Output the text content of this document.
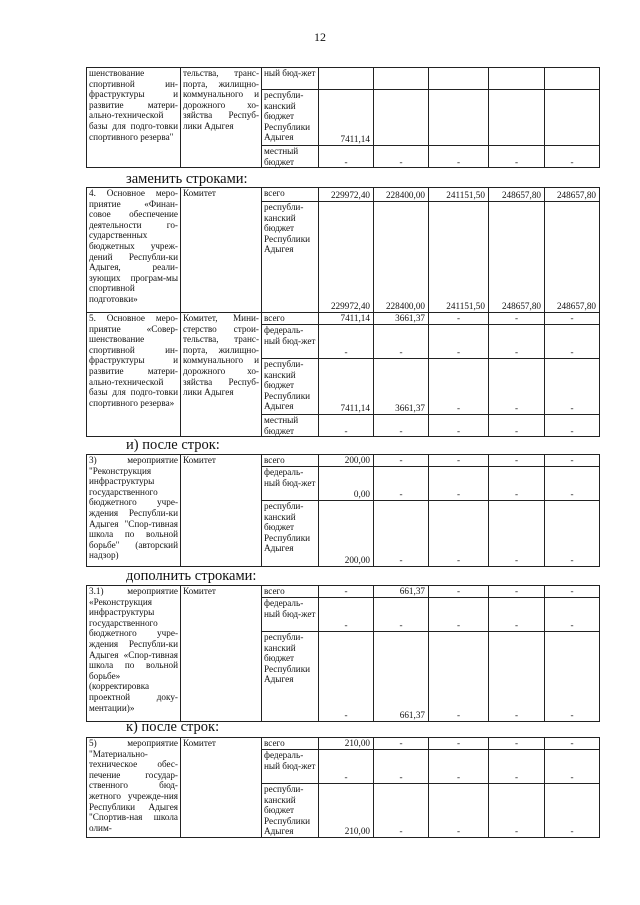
12
шенствование спортивной ин-фраструктуры и развитие матери-ально-технической базы для подго-товки спортивного резерва"	тельства, транс-порта, жилищно-коммунального и дорожного хо-зяйства Респуб-лики Адыгея	ный бюд-жет					
		республи-канский бюджет Республики Адыгея	7411,14				
		местный бюджет	-	-	-	-	-
заменить строками:
4. Основное меро-приятие «Финан-совое обеспечение деятельности го-сударственных бюджетных учреж-дений Республи-ки Адыгея, реали-зующих програм-мы спортивной подготовки»	Комитет	всего	229972,40	228400,00	241151,50	248657,80	248657,80
		республи-канский бюджет Республики Адыгея	229972,40	228400,00	241151,50	248657,80	248657,80
5. Основное меро-приятие «Совер-шенствование спортивной ин-фраструктуры и развитие матери-ально-технической базы для подго-товки спортивного резерва»	Комитет, Мини-стерство строи-тельства, транс-порта, жилищно-коммунального и дорожного хо-зяйства Респуб-лики Адыгея	всего	7411,14	3661,37	-	-	-
		федераль-ный бюд-жет	-	-	-	-	-
		республи-канский бюджет Республики Адыгея	7411,14	3661,37	-	-	-
		местный бюджет	-	-	-	-	-
и) после строк:
3) мероприятие "Реконструкция инфраструктуры государственного бюджетного учре-ждения Республи-ки Адыгея "Спор-тивная школа по вольной борьбе" (авторский надзор)	Комитет	всего	200,00	-	-	-	-
		федераль-ный бюд-жет	0,00	-	-	-	-
		республи-канский бюджет Республики Адыгея	200,00	-	-	-	-
дополнить строками:
3.1) мероприятие «Реконструкция инфраструктуры государственного бюджетного учре-ждения Республи-ки Адыгея «Спор-тивная школа по вольной борьбе» (корректировка проектной доку-ментации)»	Комитет	всего	-	661,37	-	-	-
		федераль-ный бюд-жет	-	-	-	-	-
		республи-канский бюджет Республики Адыгея	-	661,37	-	-	-
к) после строк:
5) мероприятие "Материально-техническое обес-печение государ-ственного бюд-жетного учрежде-ния Республики Адыгея "Спортив-ная школа олим-	Комитет	всего	210,00	-	-	-	-
		федераль-ный бюд-жет	-	-	-	-	-
		республи-канский бюджет Республики Адыгея	210,00	-	-	-	-
